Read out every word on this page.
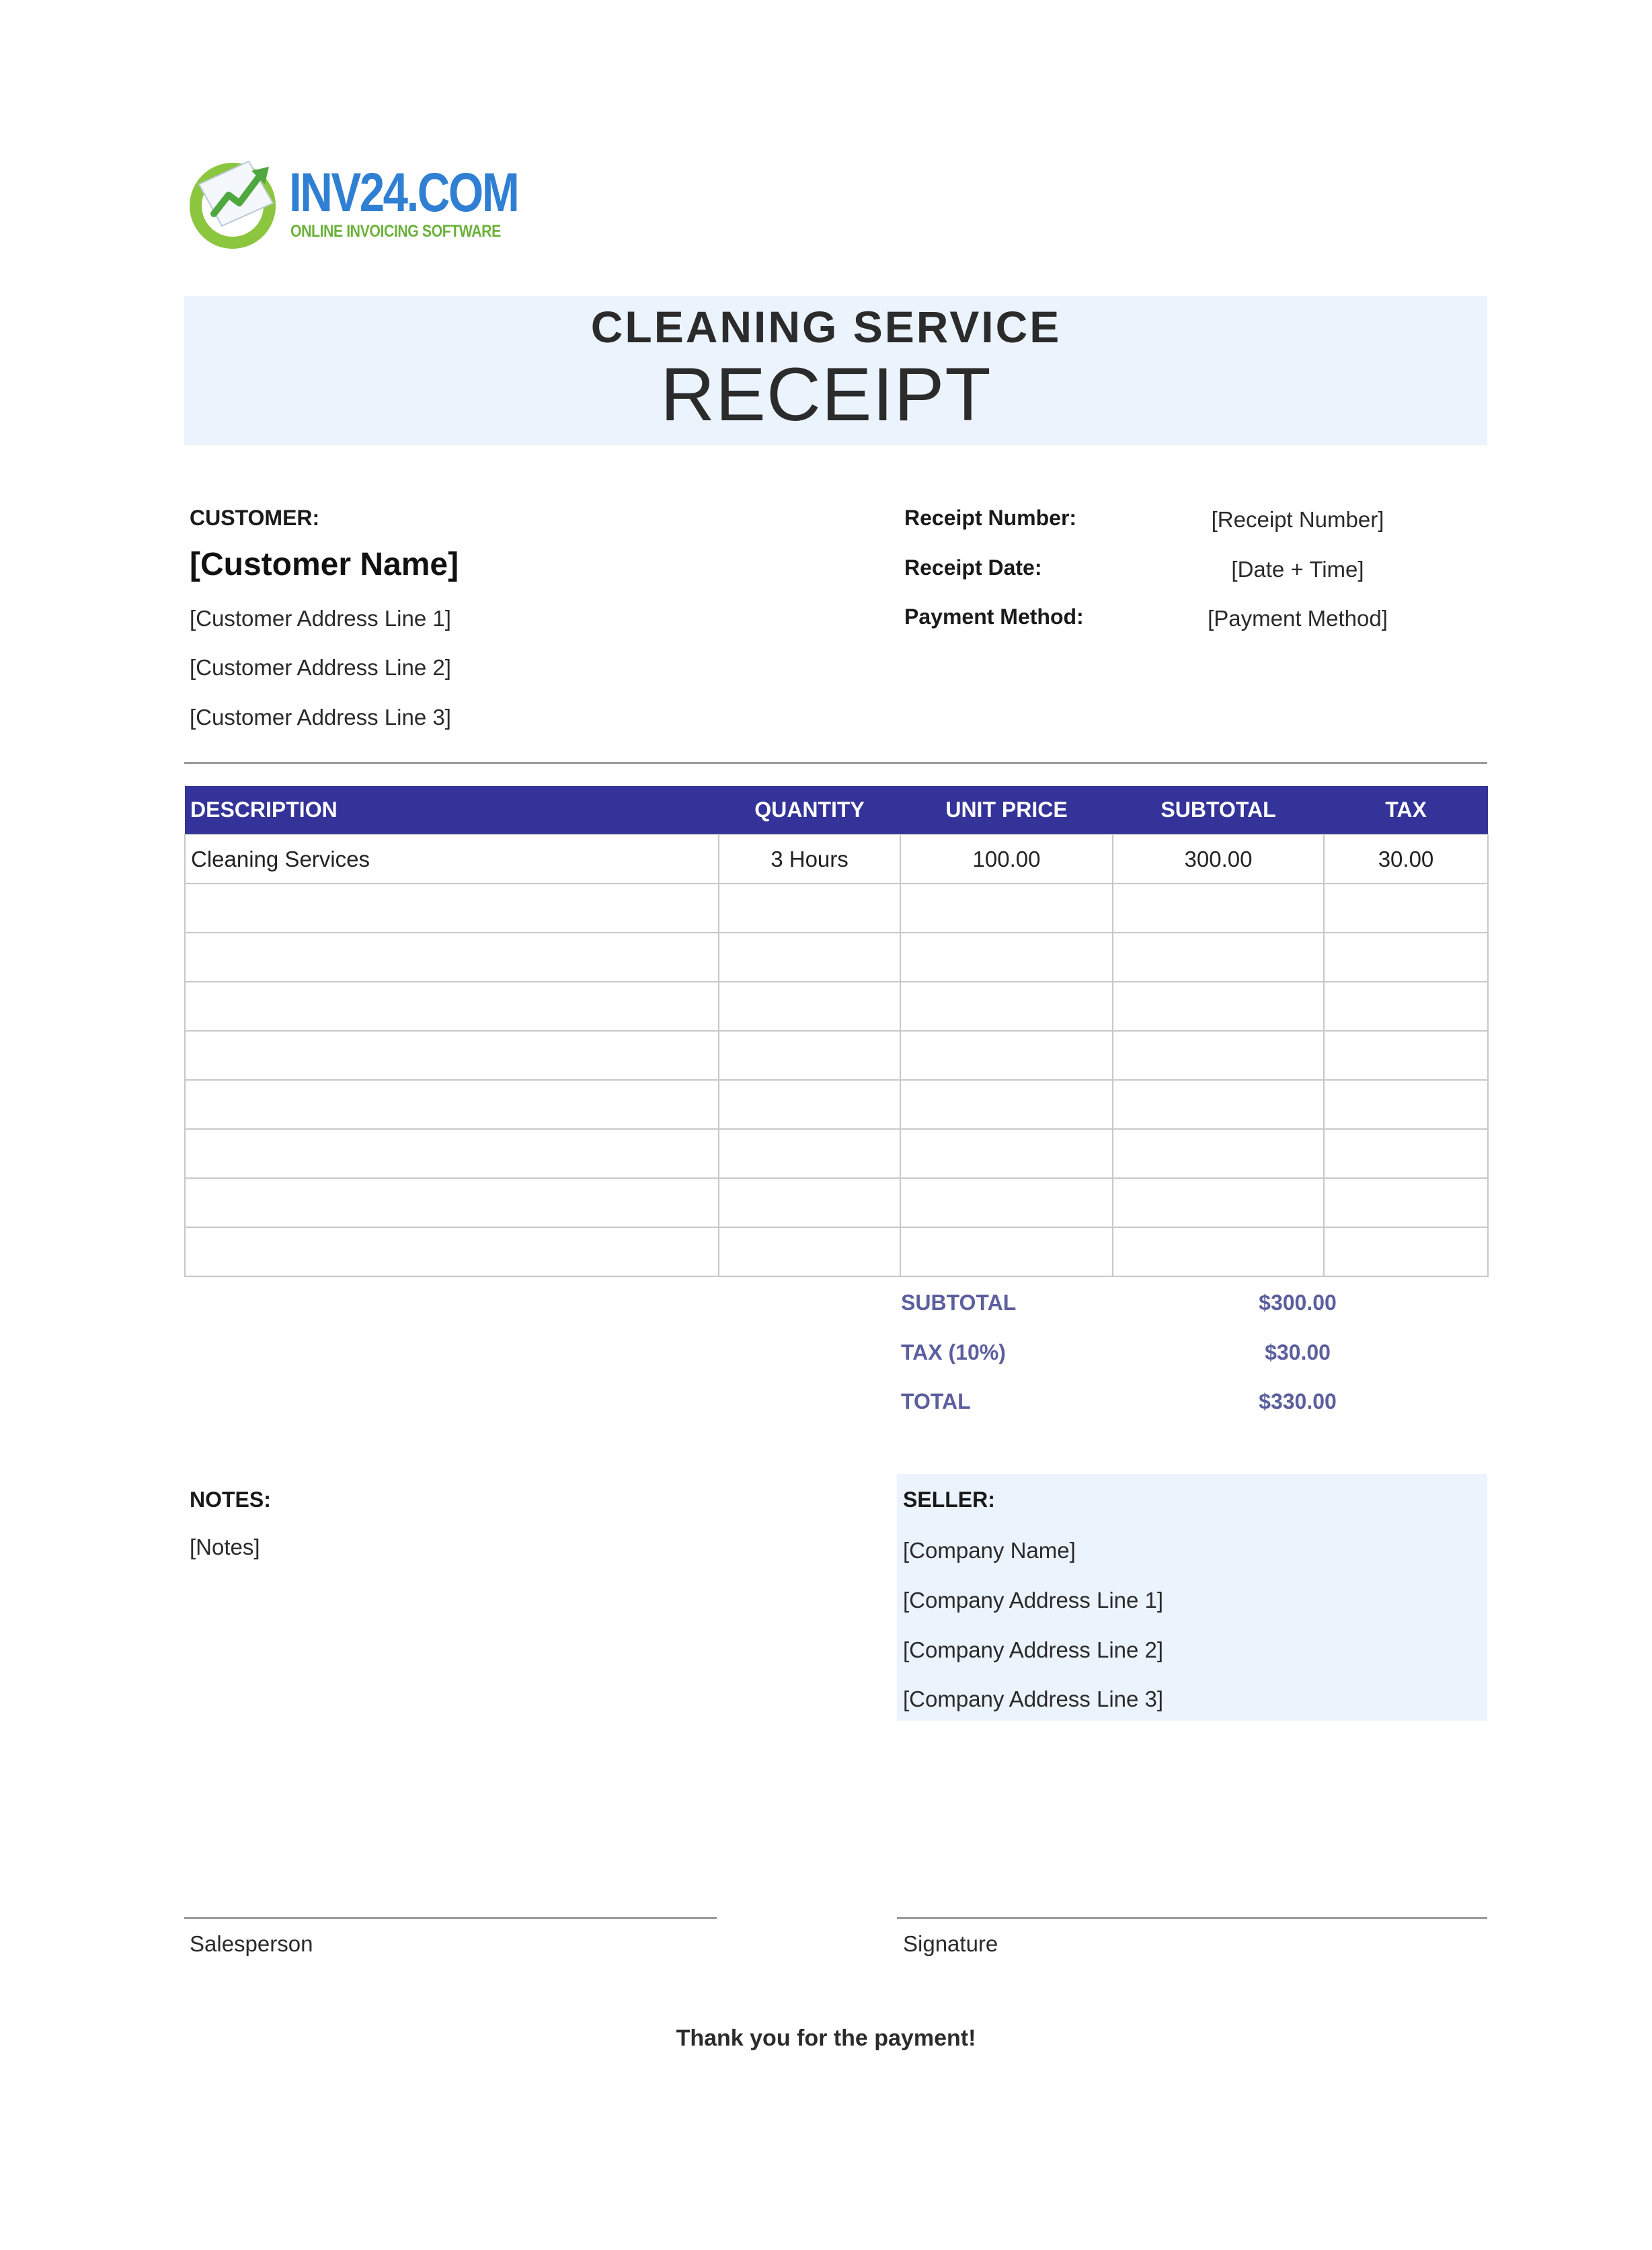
INV24.COM
ONLINE INVOICING SOFTWARE
CLEANING SERVICE
RECEIPT
CUSTOMER:
[Customer Name]
[Customer Address Line 1]
[Customer Address Line 2]
[Customer Address Line 3]
Receipt Number:	[Receipt Number]
Receipt Date:	[Date + Time]
Payment Method:	[Payment Method]
DESCRIPTION	QUANTITY	UNIT PRICE	SUBTOTAL	TAX
Cleaning Services	3 Hours	100.00	300.00	30.00

SUBTOTAL	$300.00
TAX (10%)	$30.00
TOTAL	$330.00
NOTES:
[Notes]
SELLER:
[Company Name]
[Company Address Line 1]
[Company Address Line 2]
[Company Address Line 3]
Salesperson	Signature
Thank you for the payment!
